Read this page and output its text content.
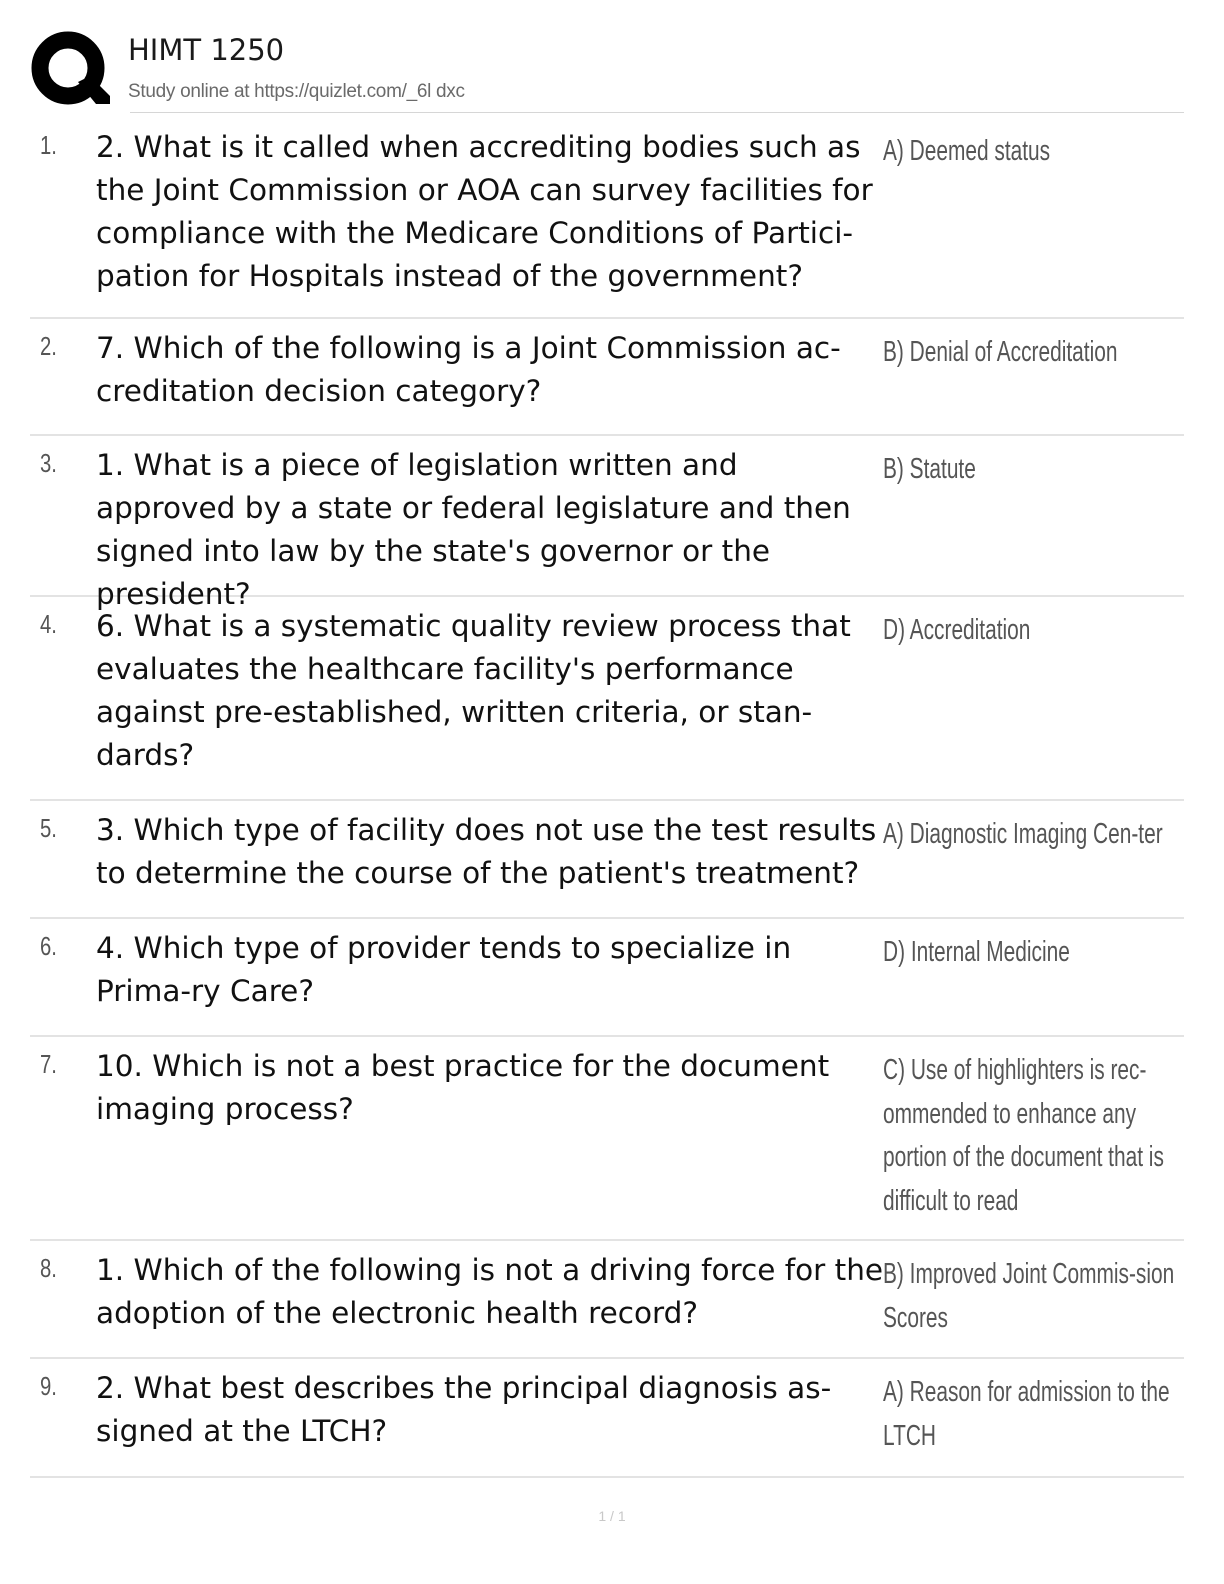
HIMT 1250
Study online at https://quizlet.com/_6l dxc
1. 2. What is it called when accrediting bodies such as the Joint Commission or AOA can survey facilities for compliance with the Medicare Conditions of Partici-pation for Hospitals instead of the government?
A) Deemed status
2. 7. Which of the following is a Joint Commission ac-creditation decision category?
B) Denial of Accreditation
3. 1. What is a piece of legislation written and approved by a state or federal legislature and then signed into law by the state's governor or the president?
B) Statute
4. 6. What is a systematic quality review process that evaluates the healthcare facility's performance against pre-established, written criteria, or stan-dards?
D) Accreditation
5. 3. Which type of facility does not use the test results to determine the course of the patient's treatment?
A) Diagnostic Imaging Cen-ter
6. 4. Which type of provider tends to specialize in Prima-ry Care?
D) Internal Medicine
7. 10. Which is not a best practice for the document imaging process?
C) Use of highlighters is rec-ommended to enhance any portion of the document that is difficult to read
8. 1. Which of the following is not a driving force for the adoption of the electronic health record?
B) Improved Joint Commis-sion Scores
9. 2. What best describes the principal diagnosis as-signed at the LTCH?
A) Reason for admission to the LTCH
1 / 1
